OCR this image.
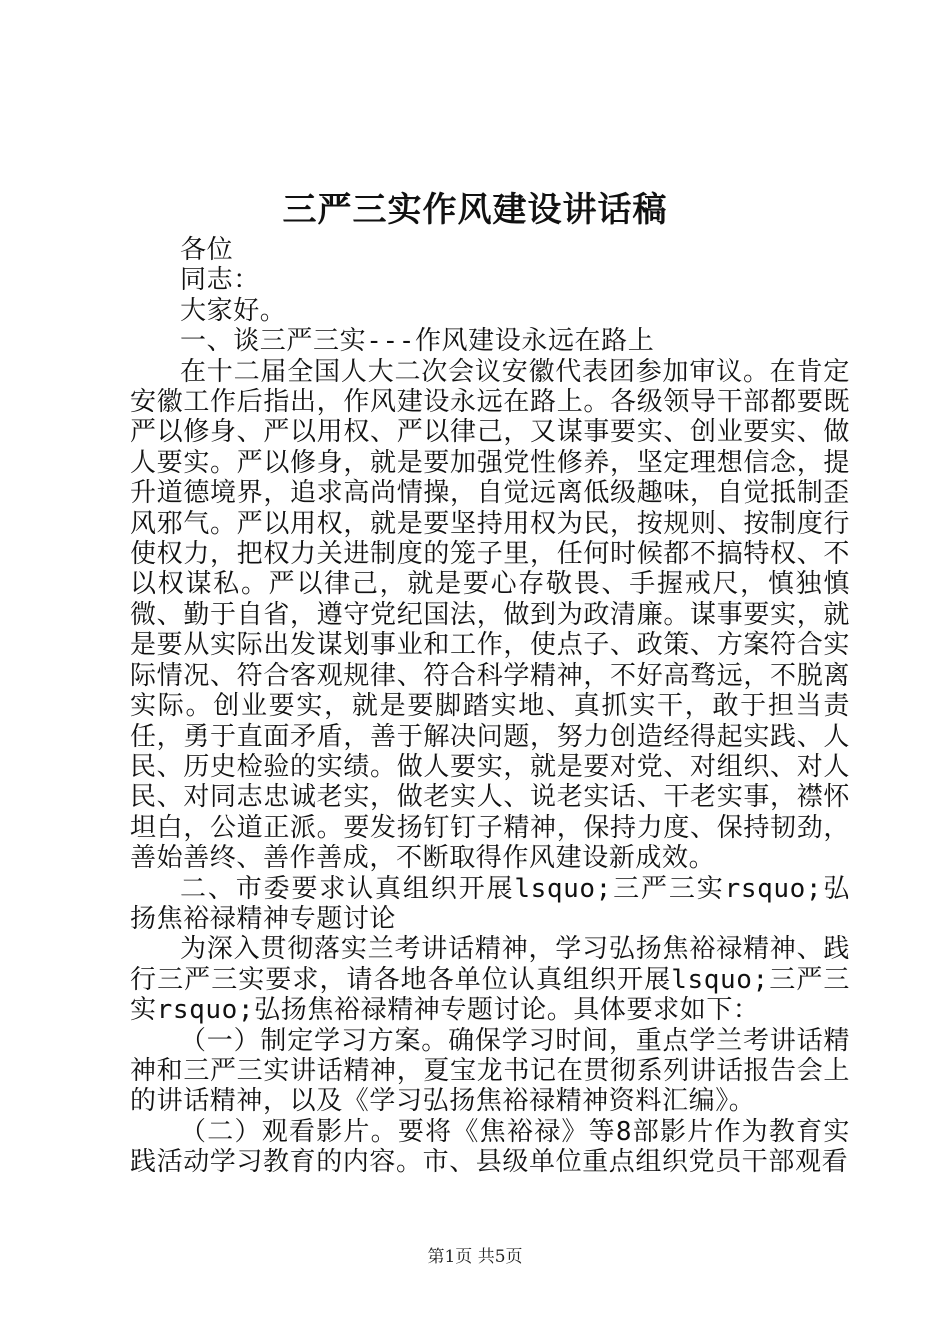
三严三实作风建设讲话稿

各位

同志：

大家好。

一、谈三严三实---作风建设永远在路上

在十二届全国人大二次会议安徽代表团参加审议。在肯定安徽工作后指出，作风建设永远在路上。各级领导干部都要既严以修身、严以用权、严以律己，又谋事要实、创业要实、做人要实。严以修身，就是要加强党性修养，坚定理想信念，提升道德境界，追求高尚情操，自觉远离低级趣味，自觉抵制歪风邪气。严以用权，就是要坚持用权为民，按规则、按制度行使权力，把权力关进制度的笼子里，任何时候都不搞特权、不以权谋私。严以律己，就是要心存敬畏、手握戒尺，慎独慎微、勤于自省，遵守党纪国法，做到为政清廉。谋事要实，就是要从实际出发谋划事业和工作，使点子、政策、方案符合实际情况、符合客观规律、符合科学精神，不好高骛远，不脱离实际。创业要实，就是要脚踏实地、真抓实干，敢于担当责任，勇于直面矛盾，善于解决问题，努力创造经得起实践、人民、历史检验的实绩。做人要实，就是要对党、对组织、对人民、对同志忠诚老实，做老实人、说老实话、干老实事，襟怀坦白，公道正派。要发扬钉钉子精神，保持力度、保持韧劲，善始善终、善作善成，不断取得作风建设新成效。

二、市委要求认真组织开展lsquo;三严三实rsquo;弘扬焦裕禄精神专题讨论

为深入贯彻落实兰考讲话精神，学习弘扬焦裕禄精神、践行三严三实要求，请各地各单位认真组织开展lsquo;三严三实rsquo;弘扬焦裕禄精神专题讨论。具体要求如下：

（一）制定学习方案。确保学习时间，重点学兰考讲话精神和三严三实讲话精神，夏宝龙书记在贯彻系列讲话报告会上的讲话精神，以及《学习弘扬焦裕禄精神资料汇编》。

（二）观看影片。要将《焦裕禄》等8部影片作为教育实践活动学习教育的内容。市、县级单位重点组织党员干部观看

第1页 共5页
